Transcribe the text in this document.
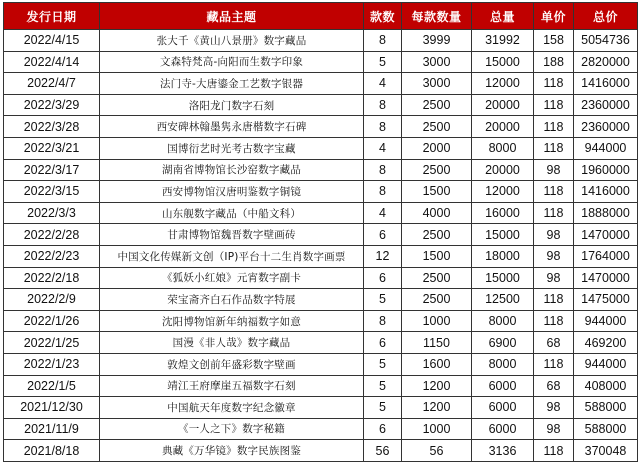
发行日期	藏品主题	款数	每款数量	总量	单价	总价
2022/4/15	张大千《黄山八景册》数字藏品	8	3999	31992	158	5054736
2022/4/14	文森特梵高-向阳而生数字印象	5	3000	15000	188	2820000
2022/4/7	法门寺-大唐鎏金工艺数字银器	4	3000	12000	118	1416000
2022/3/29	洛阳龙门数字石刻	8	2500	20000	118	2360000
2022/3/28	西安碑林翰墨隽永唐楷数字石碑	8	2500	20000	118	2360000
2022/3/21	国博衍艺时光考古数字宝藏	4	2000	8000	118	944000
2022/3/17	湖南省博物馆长沙窑数字藏品	8	2500	20000	98	1960000
2022/3/15	西安博物馆汉唐明鉴数字铜镜	8	1500	12000	118	1416000
2022/3/3	山东舰数字藏品（中船文科）	4	4000	16000	118	1888000
2022/2/28	甘肃博物馆魏晋数字壁画砖	6	2500	15000	98	1470000
2022/2/23	中国文化传媒新文创（IP)平台十二生肖数字画票	12	1500	18000	98	1764000
2022/2/18	《狐妖小红娘》元宵数字副卡	6	2500	15000	98	1470000
2022/2/9	荣宝斋齐白石作品数字特展	5	2500	12500	118	1475000
2022/1/26	沈阳博物馆新年纳福数字如意	8	1000	8000	118	944000
2022/1/25	国漫《非人哉》数字藏品	6	1150	6900	68	469200
2022/1/23	敦煌文创前年盛彩数字壁画	5	1600	8000	118	944000
2022/1/5	靖江王府摩崖五福数字石刻	5	1200	6000	68	408000
2021/12/30	中国航天年度数字纪念徽章	5	1200	6000	98	588000
2021/11/9	《一人之下》数字秘籍	6	1000	6000	98	588000
2021/8/18	典藏《万华镜》数字民族图鉴	56	56	3136	118	370048
